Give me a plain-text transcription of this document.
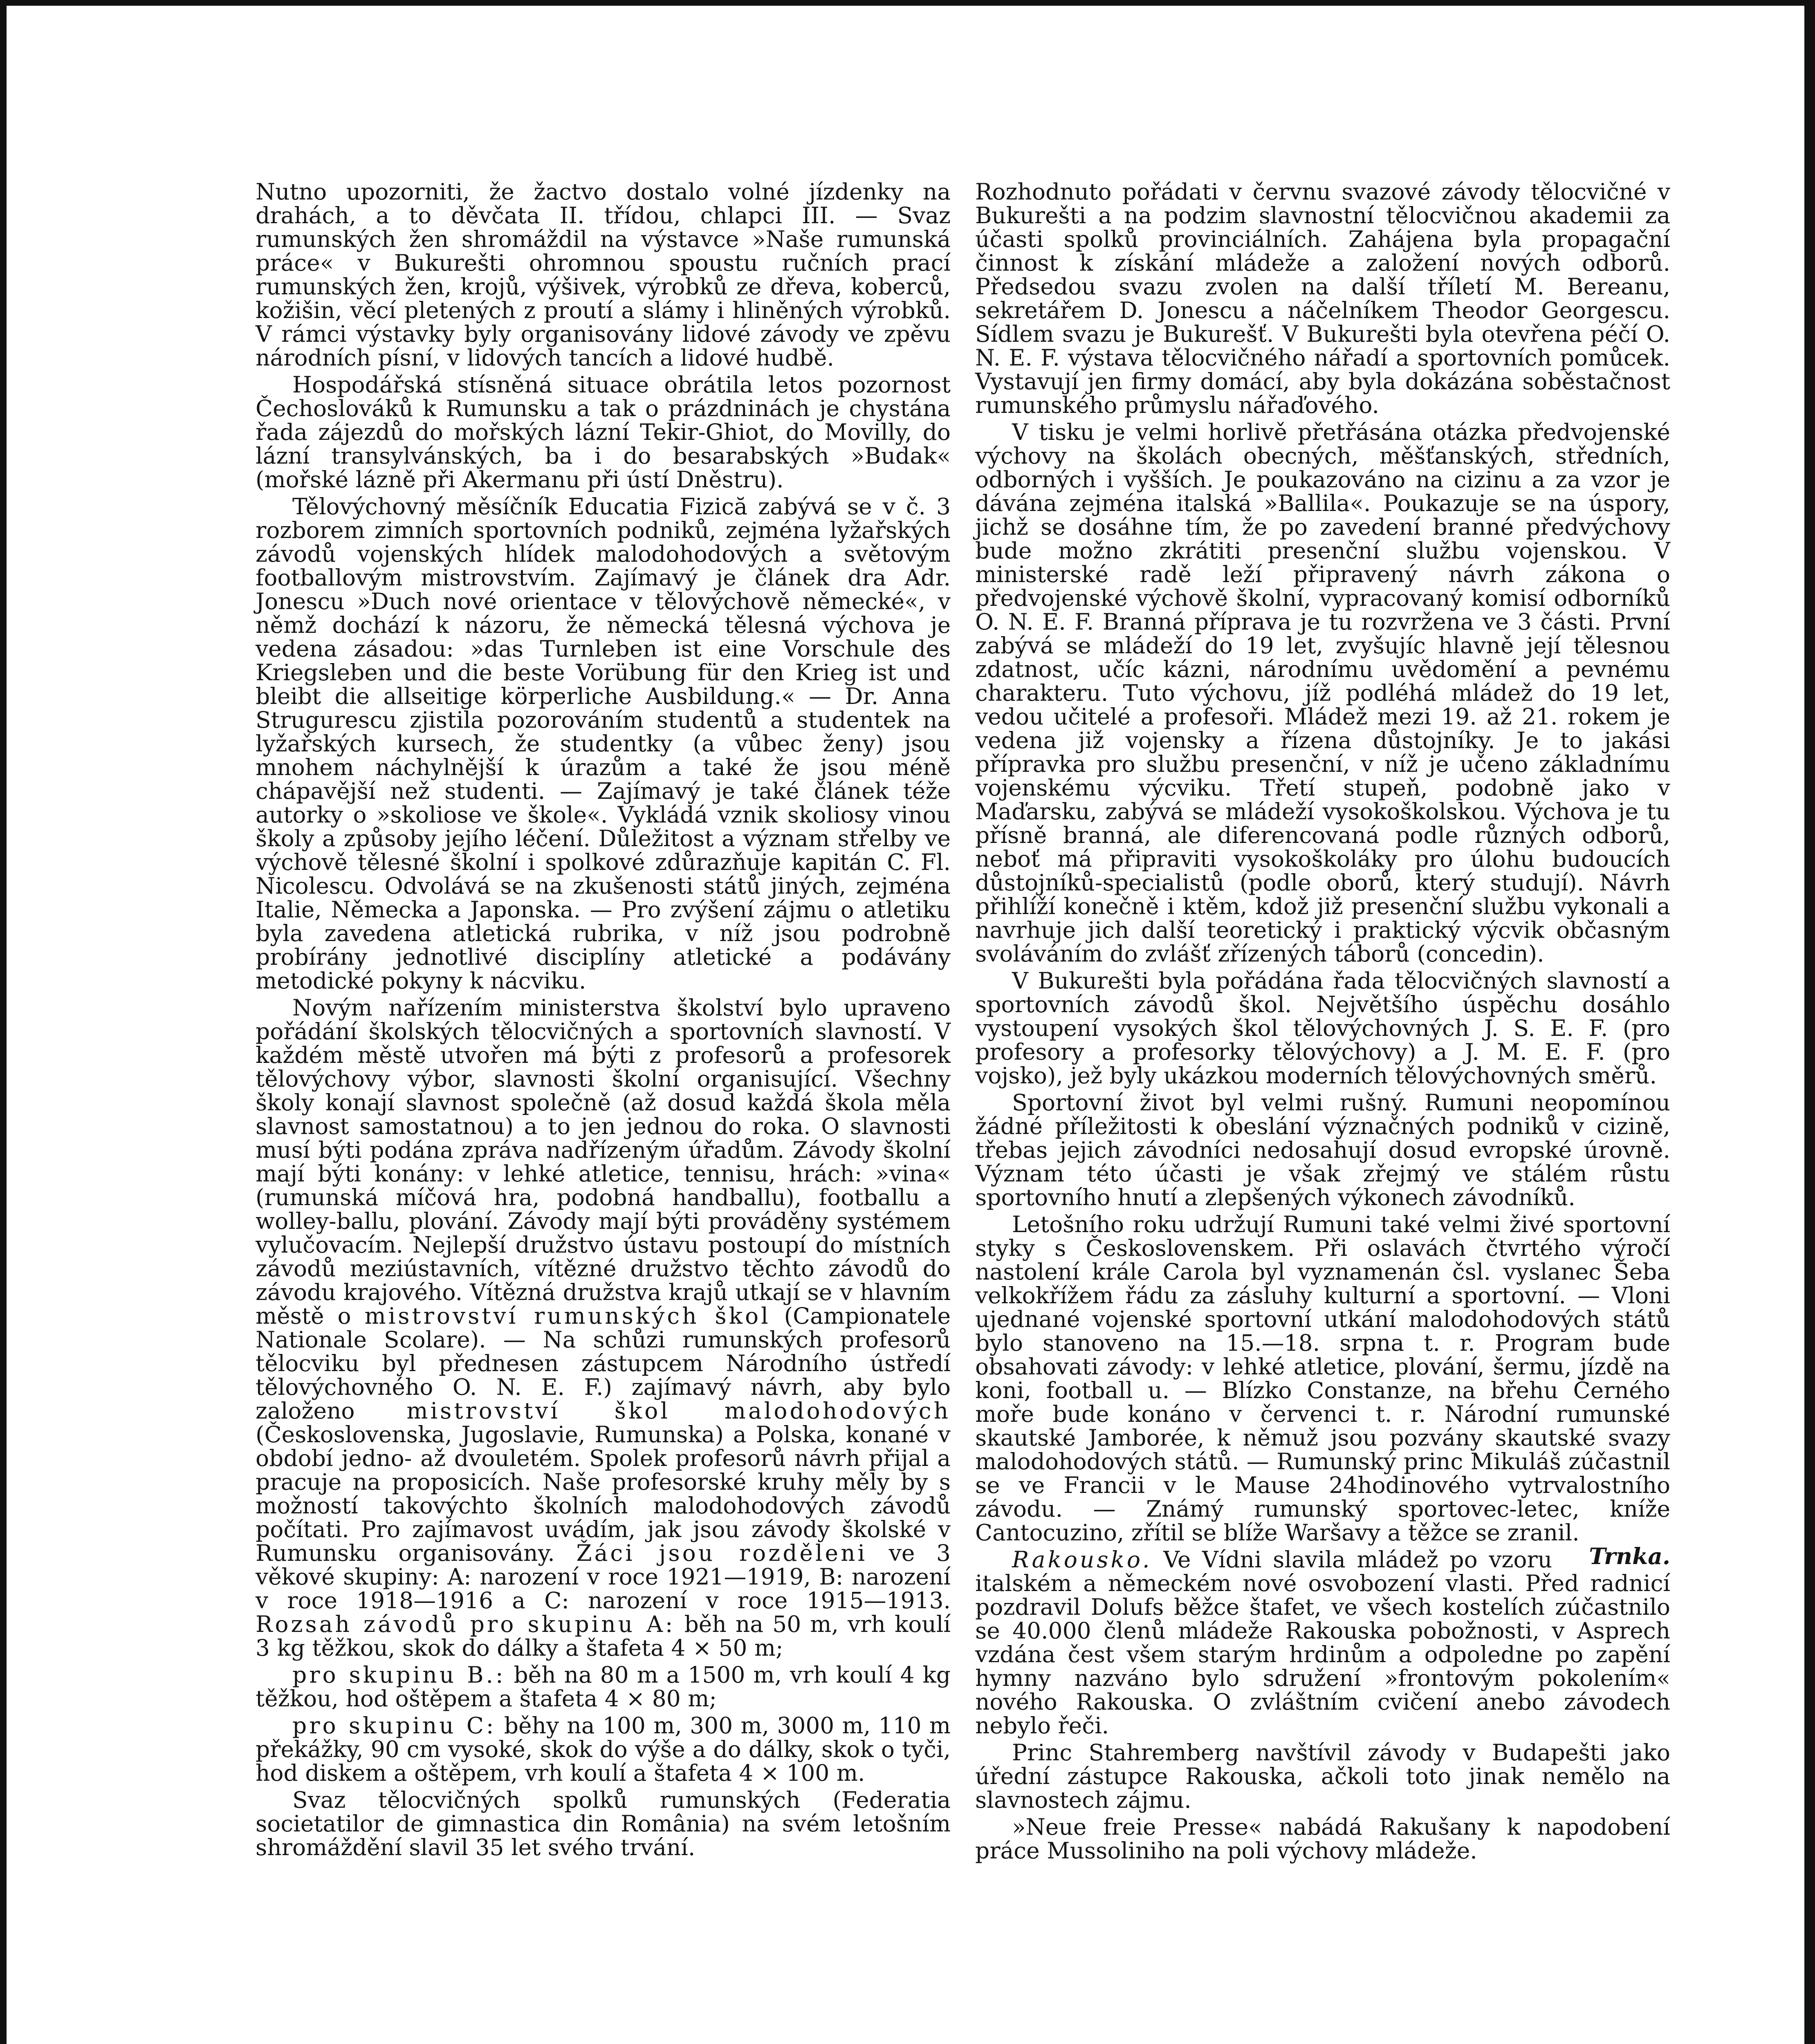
Nutno upozorniti, že žactvo dostalo volné jízdenky na drahách, a to děvčata II. třídou, chlapci III. — Svaz rumunských žen shromáždil na výstavce »Naše rumunská práce« v Bukurešti ohromnou spoustu ručních prací rumunských žen, krojů, výšivek, výrobků ze dřeva, koberců, kožišin, věcí pletených z proutí a slámy i hliněných výrobků. V rámci výstavky byly organisovány lidové závody ve zpěvu národních písní, v lidových tancích a lidové hudbě.

Hospodářská stísněná situace obrátila letos pozornost Čechoslováků k Rumunsku a tak o prázdninách je chystána řada zájezdů do mořských lázní Tekir-Ghiot, do Movilly, do lázní transylvánských, ba i do besarabských »Budak« (mořské lázně při Akermanu při ústí Dněstru).

Tělovýchovný měsíčník Educatia Fizică zabývá se v č. 3 rozborem zimních sportovních podniků, zejména lyžařských závodů vojenských hlídek malodohodových a světovým footballovým mistrovstvím. Zajímavý je článek dra Adr. Jonescu »Duch nové orientace v tělovýchově německé«, v němž dochází k názoru, že německá tělesná výchova je vedena zásadou: »das Turnleben ist eine Vorschule des Kriegsleben und die beste Vorübung für den Krieg ist und bleibt die allseitige körperliche Ausbildung.« — Dr. Anna Struguresсu zjistila pozorováním studentů a studentek na lyžařských kursech, že studentky (a vůbec ženy) jsou mnohem náchylnější k úrazům a také že jsou méně chápavější než studenti. — Zajímavý je také článek téže autorky o »skoliose ve škole«. Vykládá vznik skoliosy vinou školy a způsoby jejího léčení. Důležitost a význam střelby ve výchově tělesné školní i spolkové zdůrazňuje kapitán C. Fl. Nicolescu. Odvolává se na zkušenosti států jiných, zejména Italie, Německa a Japonska. — Pro zvýšení zájmu o atletiku byla zavedena atletická rubrika, v níž jsou podrobně probírány jednotlivé disciplíny atletické a podávány metodické pokyny k nácviku.

Novým nařízením ministerstva školství bylo upraveno pořádání školských tělocvičných a sportovních slavností. V každém městě utvořen má býti z profesorů a profesorek tělovýchovy výbor, slavnosti školní organisující. Všechny školy konají slavnost společně (až dosud každá škola měla slavnost samostatnou) a to jen jednou do roka. O slavnosti musí býti podána zpráva nadřízeným úřadům. Závody školní mají býti konány: v lehké atletice, tennisu, hrách: »vina« (rumunská míčová hra, podobná handballu), footballu a wolley-ballu, plování. Závody mají býti prováděny systémem vylučovacím. Nejlepší družstvo ústavu postoupí do místních závodů meziústavních, vítězné družstvo těchto závodů do závodu krajového. Vítězná družstva krajů utkají se v hlavním městě o mistrovství rumunských škol (Campionatele Nationale Scolare). — Na schůzi rumunských profesorů tělocviku byl přednesen zástupcem Národního ústředí tělovýchovného O. N. E. F.) zajímavý návrh, aby bylo založeno mistrovství škol malodohodových (Československa, Jugoslavie, Rumunska) a Polska, konané v období jedno- až dvouletém. Spolek profesorů návrh přijal a pracuje na proposicích. Naše profesorské kruhy měly by s možností takovýchto školních malodohodových závodů počítati. Pro zajímavost uvádím, jak jsou závody školské v Rumunsku organisovány. Žáci jsou rozděleni ve 3 věkové skupiny: A: narození v roce 1921—1919, B: narození v roce 1918—1916 a C: narození v roce 1915—1913. Rozsah závodů pro skupinu A: běh na 50 m, vrh koulí 3 kg těžkou, skok do dálky a štafeta 4 × 50 m;

pro skupinu B.: běh na 80 m a 1500 m, vrh koulí 4 kg těžkou, hod oštěpem a štafeta 4 × 80 m;

pro skupinu C: běhy na 100 m, 300 m, 3000 m, 110 m překážky, 90 cm vysoké, skok do výše a do dálky, skok o tyči, hod diskem a oštěpem, vrh koulí a štafeta 4 × 100 m.

Svaz tělocvičných spolků rumunských (Federatia societatilor de gimnastica din România) na svém letošním shromáždění slavil 35 let svého trvání.

Rozhodnuto pořádati v červnu svazové závody tělocvičné v Bukurešti a na podzim slavnostní tělocvičnou akademii za účasti spolků provinciálních. Zahájena byla propagační činnost k získání mládeže a založení nových odborů. Předsedou svazu zvolen na další tříletí M. Bereanu, sekretářem D. Jonescu a náčelníkem Theodor Georgescu. Sídlem svazu je Bukurešť. V Bukurešti byla otevřena péčí O. N. E. F. výstava tělocvičného nářadí a sportovních pomůcek. Vystavují jen firmy domácí, aby byla dokázána soběstačnost rumunského průmyslu nářaďového.

V tisku je velmi horlivě přetřásána otázka předvojenské výchovy na školách obecných, měšťanských, středních, odborných i vyšších. Je poukazováno na cizinu a za vzor je dávána zejména italská »Ballila«. Poukazuje se na úspory, jichž se dosáhne tím, že po zavedení branné předvýchovy bude možno zkrátiti presenční službu vojenskou. V ministerské radě leží připravený návrh zákona o předvojenské výchově školní, vypracovaný komisí odborníků O. N. E. F. Branná příprava je tu rozvržena ve 3 části. První zabývá se mládeží do 19 let, zvyšujíc hlavně její tělesnou zdatnost, učíc kázni, národnímu uvědomění a pevnému charakteru. Tuto výchovu, jíž podléhá mládež do 19 let, vedou učitelé a profesoři. Mládež mezi 19. až 21. rokem je vedena již vojensky a řízena důstojníky. Je to jakási přípravka pro službu presenční, v níž je učeno základnímu vojenskému výcviku. Třetí stupeň, podobně jako v Maďarsku, zabývá se mládeží vysokoškolskou. Výchova je tu přísně branná, ale diferencovaná podle různých odborů, neboť má připraviti vysokoškoláky pro úlohu budoucích důstojníků-specialistů (podle oborů, který studují). Návrh přihlíží konečně i ktěm, kdož již presenční službu vykonali a navrhuje jich další teoretický i praktický výcvik občasným svoláváním do zvlášť zřízených táborů (concedin).

V Bukurešti byla pořádána řada tělocvičných slavností a sportovních závodů škol. Největšího úspěchu dosáhlo vystoupení vysokých škol tělovýchovných J. S. E. F. (pro profesory a profesorky tělovýchovy) a J. M. E. F. (pro vojsko), jež byly ukázkou moderních tělovýchovných směrů.

Sportovní život byl velmi rušný. Rumuni neopomínou žádné příležitosti k obeslání význačných podniků v cizině, třebas jejich závodníci nedosahují dosud evropské úrovně. Význam této účasti je však zřejmý ve stálém růstu sportovního hnutí a zlepšených výkonech závodníků.

Letošního roku udržují Rumuni také velmi živé sportovní styky s Československem. Při oslavách čtvrtého výročí nastolení krále Carola byl vyznamenán čsl. vyslanec Šeba velkokřížem řádu za zásluhy kulturní a sportovní. — Vloni ujednané vojenské sportovní utkání malodohodových států bylo stanoveno na 15.—18. srpna t. r. Program bude obsahovati závody: v lehké atletice, plování, šermu, jízdě na koni, football u. — Blízko Constanze, na břehu Černého moře bude konáno v červenci t. r. Národní rumunské skautské Jamborée, k němuž jsou pozvány skautské svazy malodohodových států. — Rumunský princ Mikuláš zúčastnil se ve Francii v le Mause 24hodinového vytrvalostního závodu. — Známý rumunský sportovec-letec, kníže Cantocuzino, zřítil se blíže Waršavy a těžce se zranil.
Trnka.

Rakousko. Ve Vídni slavila mládež po vzoru italském a německém nové osvobození vlasti. Před radnicí pozdravil Dolufs běžce štafet, ve všech kostelích zúčastnilo se 40.000 členů mládeže Rakouska pobožnosti, v Asprech vzdána čest všem starým hrdinům a odpoledne po zapění hymny nazváno bylo sdružení »frontovým pokolením« nového Rakouska. O zvláštním cvičení anebo závodech nebylo řeči.

Princ Stahremberg navštívil závody v Budapešti jako úřední zástupce Rakouska, ačkoli toto jinak nemělo na slavnostech zájmu.

»Neue freie Presse« nabádá Rakušany k napodobení práce Mussoliniho na poli výchovy mládeže.
